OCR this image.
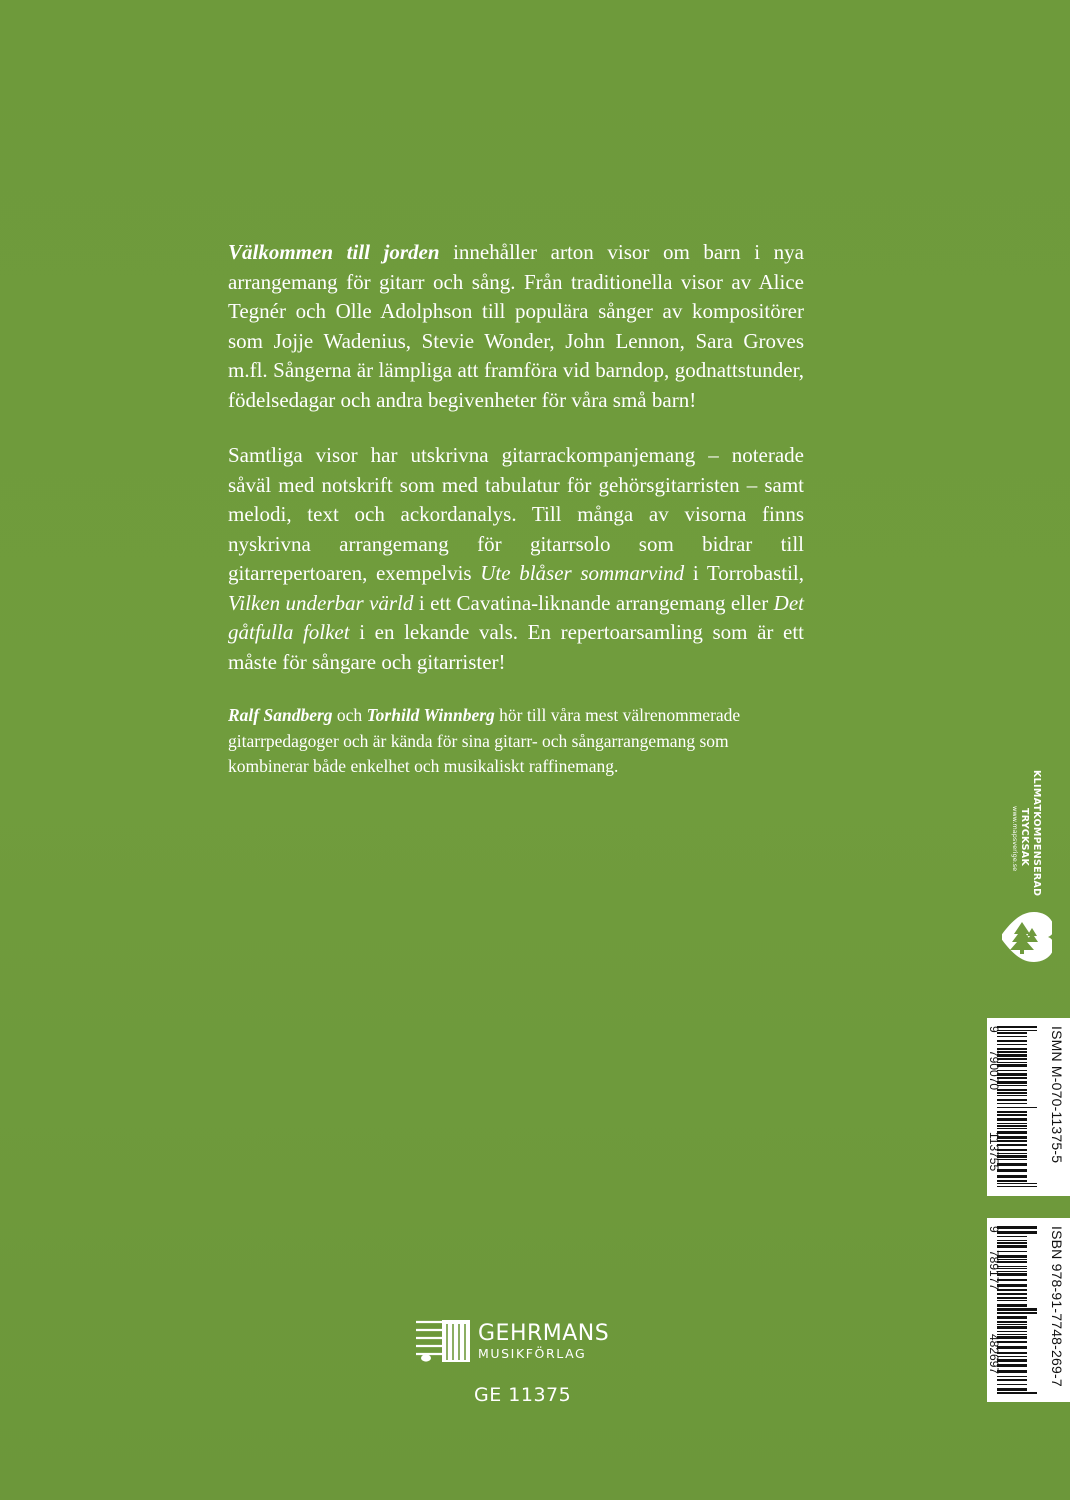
Välkommen till jorden innehåller arton visor om barn i nya arrangemang för gitarr och sång. Från traditionella visor av Alice Tegnér och Olle Adolphson till populära sånger av kompositörer som Jojje Wadenius, Stevie Wonder, John Lennon, Sara Groves m.fl. Sångerna är lämpliga att framföra vid barndop, godnattstunder, födelsedagar och andra begivenheter för våra små barn!

Samtliga visor har utskrivna gitarrackompanjemang – noterade såväl med notskrift som med tabulatur för gehörsgitarristen – samt melodi, text och ackordanalys. Till många av visorna finns nyskrivna arrangemang för gitarrsolo som bidrar till gitarrepertoaren, exempelvis Ute blåser sommarvind i Torrobastil, Vilken underbar värld i ett Cavatina-liknande arrangemang eller Det gåtfulla folket i en lekande vals. En repertoarsamling som är ett måste för sångare och gitarrister!

Ralf Sandberg och Torhild Winnberg hör till våra mest välrenommerade gitarrpedagoger och är kända för sina gitarr- och sångarrangemang som kombinerar både enkelhet och musikaliskt raffinemang.

KLIMATKOMPENSERAD
TRYCKSAK
www.mapsverige.se
ISMN M-070-11375-5
9
790070
113755
ISBN 978-91-7748-269-7
9
789177
482697
GEHRMANS
MUSIKFÖRLAG
GE 11375
